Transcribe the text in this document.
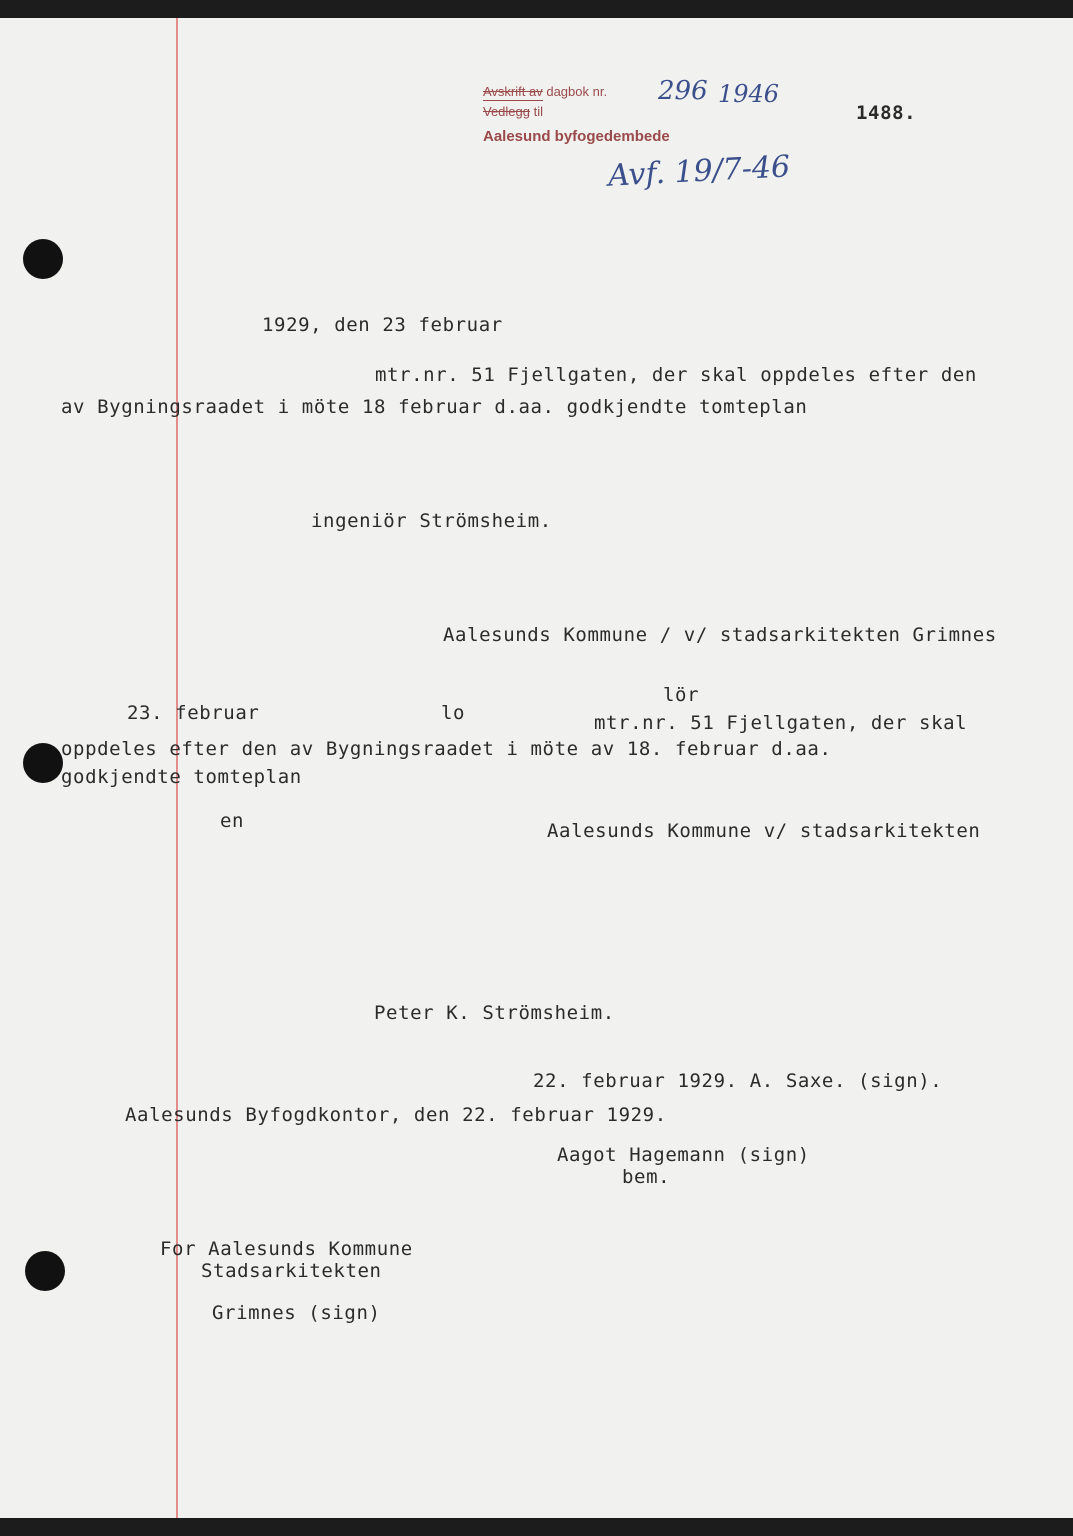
Avskrift av dagbok nr.
Vedlegg til
Aalesund byfogedembede
296 1946
Avf. 19/7-46
1488.
1929, den 23 februar
mtr.nr. 51 Fjellgaten, der skal oppdeles efter den
av Bygningsraadet i möte 18 februar d.aa. godkjendte tomteplan
ingeniör Strömsheim.
Aalesunds Kommune / v/ stadsarkitekten Grimnes
lör
23. februar	lo	mtr.nr. 51 Fjellgaten, der skal
oppdeles efter den av Bygningsraadet i möte av 18. februar d.aa.
godkjendte tomteplan
en	Aalesunds Kommune v/ stadsarkitekten
Peter K. Strömsheim.
22. februar 1929. A. Saxe. (sign).
Aalesunds Byfogdkontor, den 22. februar 1929.
Aagot Hagemann (sign)
bem.
For Aalesunds Kommune
Stadsarkitekten
Grimnes (sign)
